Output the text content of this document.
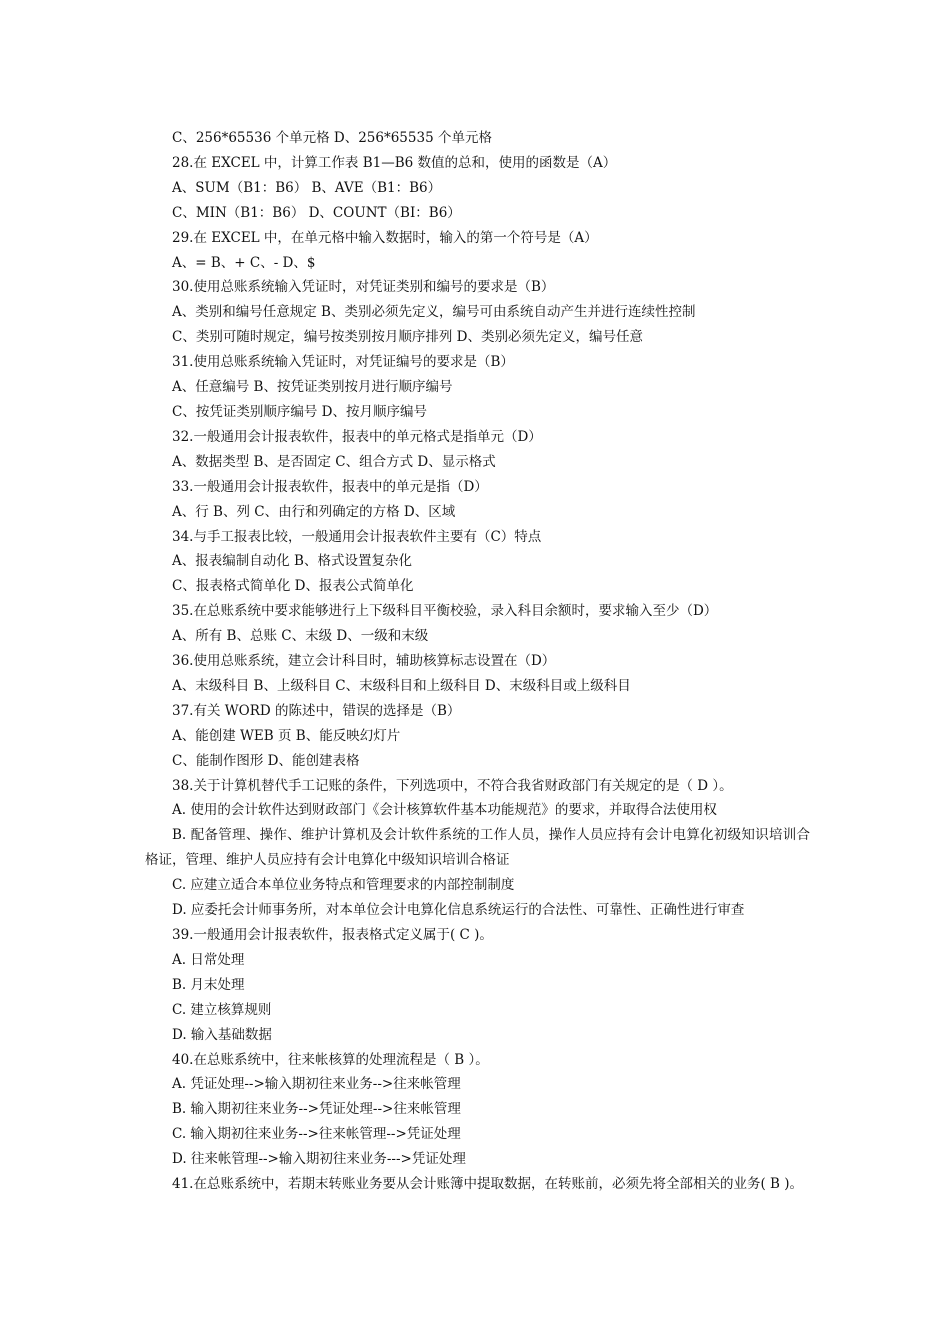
C、256*65536 个单元格 D、256*65535 个单元格
28.在 EXCEL 中，计算工作表 B1—B6 数值的总和，使用的函数是（A）
A、SUM（B1：B6） B、AVE（B1：B6）
C、MIN（B1：B6） D、COUNT（BI：B6）
29.在 EXCEL 中，在单元格中输入数据时，输入的第一个符号是（A）
A、= B、+ C、- D、$
30.使用总账系统输入凭证时，对凭证类别和编号的要求是（B）
A、类别和编号任意规定 B、类别必须先定义，编号可由系统自动产生并进行连续性控制
C、类别可随时规定，编号按类别按月顺序排列 D、类别必须先定义，编号任意
31.使用总账系统输入凭证时，对凭证编号的要求是（B）
A、任意编号 B、按凭证类别按月进行顺序编号
C、按凭证类别顺序编号 D、按月顺序编号
32.一般通用会计报表软件，报表中的单元格式是指单元（D）
A、数据类型 B、是否固定 C、组合方式 D、显示格式
33.一般通用会计报表软件，报表中的单元是指（D）
A、行 B、列 C、由行和列确定的方格 D、区域
34.与手工报表比较，一般通用会计报表软件主要有（C）特点
A、报表编制自动化 B、格式设置复杂化
C、报表格式简单化 D、报表公式简单化
35.在总账系统中要求能够进行上下级科目平衡校验，录入科目余额时，要求输入至少（D）
A、所有 B、总账 C、末级 D、一级和末级
36.使用总账系统，建立会计科目时，辅助核算标志设置在（D）
A、末级科目 B、上级科目 C、末级科目和上级科目 D、末级科目或上级科目
37.有关 WORD 的陈述中，错误的选择是（B）
A、能创建 WEB 页 B、能反映幻灯片
C、能制作图形 D、能创建表格
38.关于计算机替代手工记账的条件，下列选项中，不符合我省财政部门有关规定的是（ D ）。
A. 使用的会计软件达到财政部门《会计核算软件基本功能规范》的要求，并取得合法使用权
B. 配备管理、操作、维护计算机及会计软件系统的工作人员，操作人员应持有会计电算化初级知识培训合格证，管理、维护人员应持有会计电算化中级知识培训合格证
C. 应建立适合本单位业务特点和管理要求的内部控制制度
D. 应委托会计师事务所，对本单位会计电算化信息系统运行的合法性、可靠性、正确性进行审查
39.一般通用会计报表软件，报表格式定义属于( C )。
A. 日常处理
B. 月末处理
C. 建立核算规则
D. 输入基础数据
40.在总账系统中，往来帐核算的处理流程是（ B ）。
A. 凭证处理-->输入期初往来业务-->往来帐管理
B. 输入期初往来业务-->凭证处理-->往来帐管理
C. 输入期初往来业务-->往来帐管理-->凭证处理
D. 往来帐管理-->输入期初往来业务--->凭证处理
41.在总账系统中，若期末转账业务要从会计账簿中提取数据，在转账前，必须先将全部相关的业务( B )。
